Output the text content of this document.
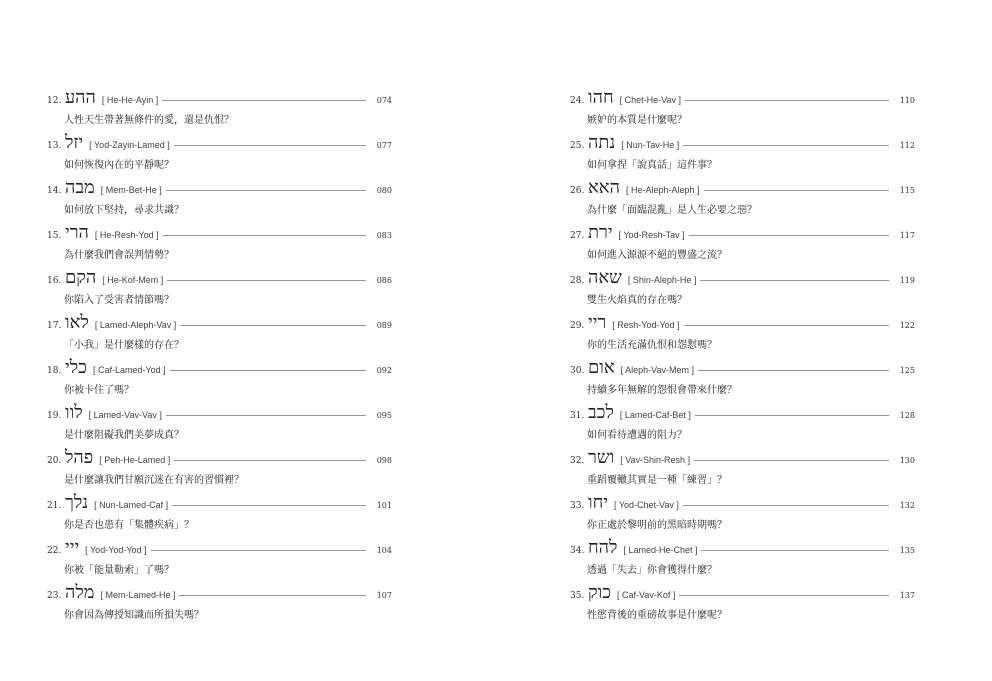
12. ההע [ He-He-Ayin ]	074
人性天生帶著無條件的愛，還是仇恨？
13. יזל [ Yod-Zayin-Lamed ]	077
如何恢復內在的平靜呢？
14. מבה [ Mem-Bet-He ]	080
如何放下堅持，尋求共識？
15. הרי [ He-Resh-Yod ]	083
為什麼我們會誤判情勢？
16. הקם [ He-Kof-Mem ]	086
你陷入了受害者情節嗎？
17. לאו [ Lamed-Aleph-Vav ]	089
「小我」是什麼樣的存在？
18. כלי [ Caf-Lamed-Yod ]	092
你被卡住了嗎？
19. לוו [ Lamed-Vav-Vav ]	095
是什麼阻礙我們美夢成真？
20. פהל [ Peh-He-Lamed ]	098
是什麼讓我們甘願沉迷在有害的習慣裡？
21. נלך [ Nun-Lamed-Caf ]	101
你是否也患有「集體疾病」？
22. ייי [ Yod-Yod-Yod ]	104
你被「能量勒索」了嗎？
23. מלה [ Mem-Lamed-He ]	107
你會因為傳授知識而所損失嗎？
24. חהו [ Chet-He-Vav ]	110
嫉妒的本質是什麼呢？
25. נתה [ Nun-Tav-He ]	112
如何拿捏「說真話」這件事？
26. האא [ He-Aleph-Aleph ]	115
為什麼「面臨混亂」是人生必要之惡？
27. ירת [ Yod-Resh-Tav ]	117
如何進入源源不絕的豐盛之流？
28. שאה [ Shin-Aleph-He ]	119
雙生火焰真的存在嗎？
29. ריי [ Resh-Yod-Yod ]	122
你的生活充滿仇恨和怨懟嗎？
30. אום [ Aleph-Vav-Mem ]	125
持續多年無解的怨恨會帶來什麼？
31. לכב [ Lamed-Caf-Bet ]	128
如何看待遭遇的阻力？
32. ושר [ Vav-Shin-Resh ]	130
重蹈覆轍其實是一種「練習」？
33. יחו [ Yod-Chet-Vav ]	132
你正處於黎明前的黑暗時期嗎？
34. להח [ Lamed-He-Chet ]	135
透過「失去」你會獲得什麼？
35. כוק [ Caf-Vav-Kof ]	137
性慾背後的重磅故事是什麼呢？
